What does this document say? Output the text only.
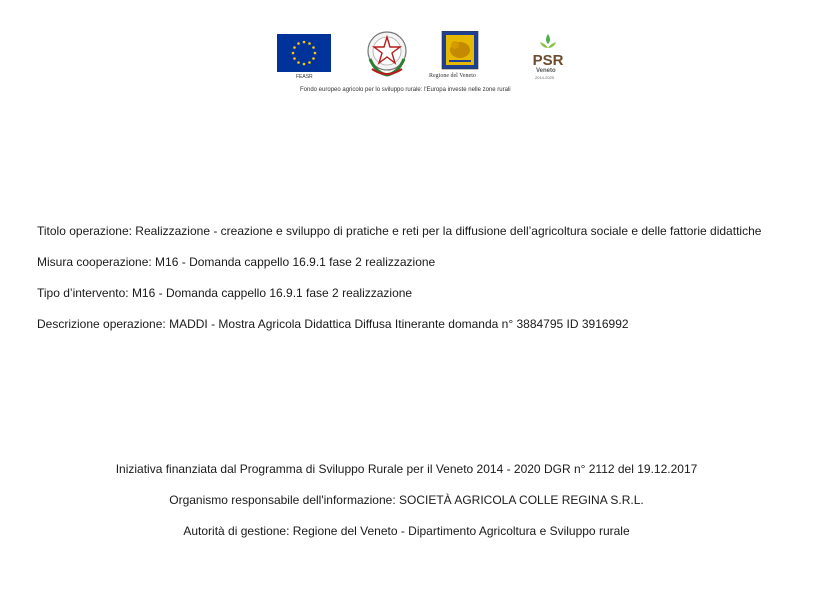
FEASR	Regione del Veneto
PSR
Veneto
2014-2020
Fondo europeo agricolo per lo sviluppo rurale: l'Europa investe nelle zone rurali
Titolo operazione: Realizzazione - creazione e sviluppo di pratiche e reti per la diffusione dell’agricoltura sociale e delle fattorie didattiche
Misura cooperazione: M16 - Domanda cappello 16.9.1 fase 2 realizzazione
Tipo d’intervento: M16 - Domanda cappello 16.9.1 fase 2 realizzazione
Descrizione operazione: MADDI - Mostra Agricola Didattica Diffusa Itinerante domanda n° 3884795 ID 3916992
Iniziativa finanziata dal Programma di Sviluppo Rurale per il Veneto 2014 - 2020 DGR n° 2112 del 19.12.2017
Organismo responsabile dell'informazione: SOCIETÀ AGRICOLA COLLE REGINA S.R.L.
Autorità di gestione: Regione del Veneto - Dipartimento Agricoltura e Sviluppo rurale
